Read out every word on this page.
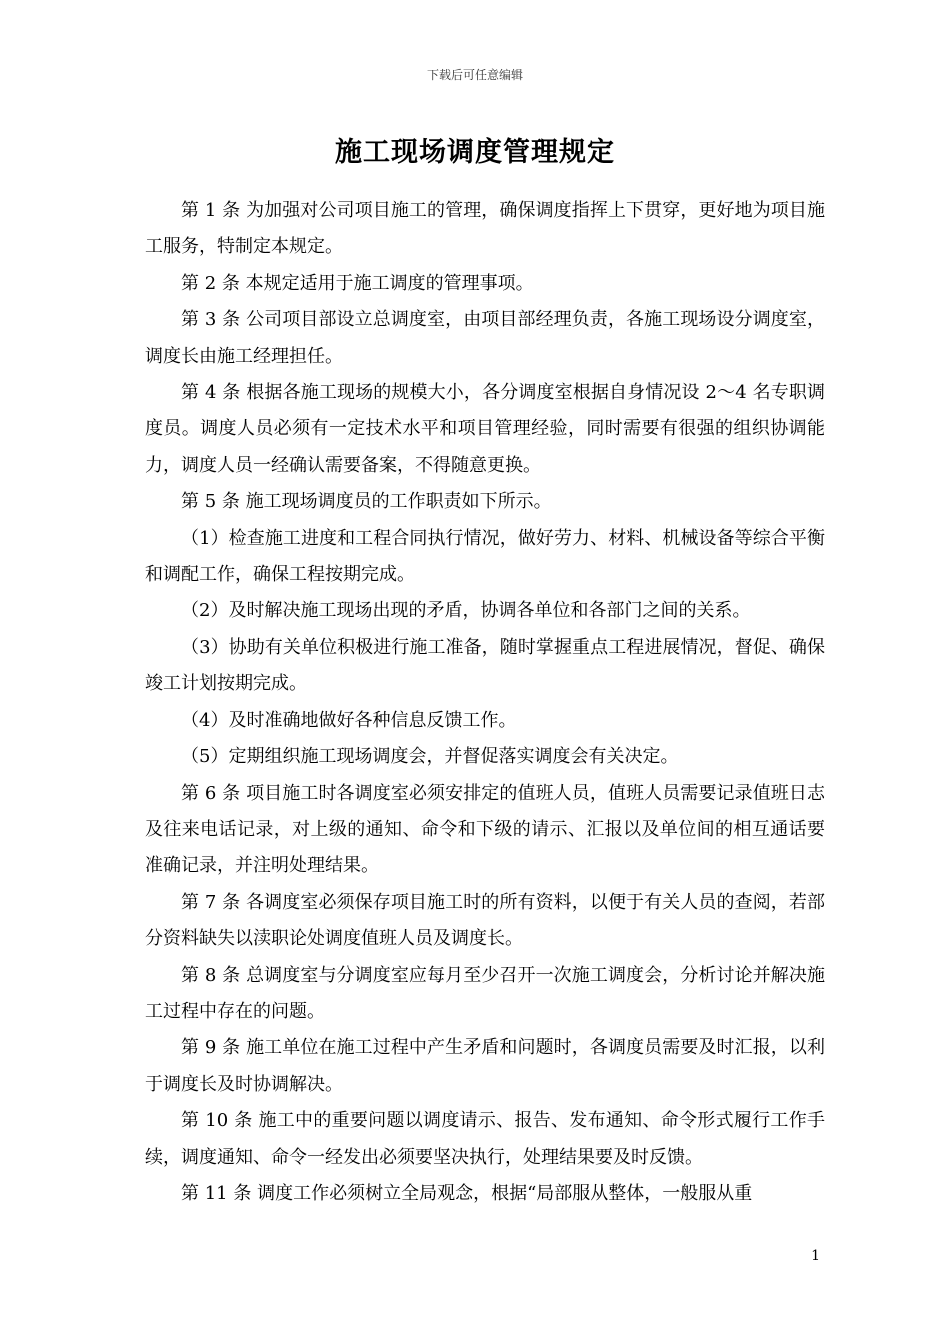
下载后可任意编辑
施工现场调度管理规定

第 1 条 为加强对公司项目施工的管理，确保调度指挥上下贯穿，更好地为项目施工服务，特制定本规定。

第 2 条 本规定适用于施工调度的管理事项。

第 3 条 公司项目部设立总调度室，由项目部经理负责，各施工现场设分调度室，调度长由施工经理担任。

第 4 条 根据各施工现场的规模大小，各分调度室根据自身情况设 2～4 名专职调度员。调度人员必须有一定技术水平和项目管理经验，同时需要有很强的组织协调能力，调度人员一经确认需要备案，不得随意更换。

第 5 条 施工现场调度员的工作职责如下所示。

（1）检查施工进度和工程合同执行情况，做好劳力、材料、机械设备等综合平衡和调配工作，确保工程按期完成。

（2）及时解决施工现场出现的矛盾，协调各单位和各部门之间的关系。

（3）协助有关单位积极进行施工准备，随时掌握重点工程进展情况，督促、确保竣工计划按期完成。

（4）及时准确地做好各种信息反馈工作。

（5）定期组织施工现场调度会，并督促落实调度会有关决定。

第 6 条 项目施工时各调度室必须安排定的值班人员，值班人员需要记录值班日志及往来电话记录，对上级的通知、命令和下级的请示、汇报以及单位间的相互通话要准确记录，并注明处理结果。

第 7 条 各调度室必须保存项目施工时的所有资料，以便于有关人员的查阅，若部分资料缺失以渎职论处调度值班人员及调度长。

第 8 条 总调度室与分调度室应每月至少召开一次施工调度会，分析讨论并解决施工过程中存在的问题。

第 9 条 施工单位在施工过程中产生矛盾和问题时，各调度员需要及时汇报，以利于调度长及时协调解决。

第 10 条 施工中的重要问题以调度请示、报告、发布通知、命令形式履行工作手续，调度通知、命令一经发出必须要坚决执行，处理结果要及时反馈。

第 11 条 调度工作必须树立全局观念，根据“局部服从整体，一般服从重

1
